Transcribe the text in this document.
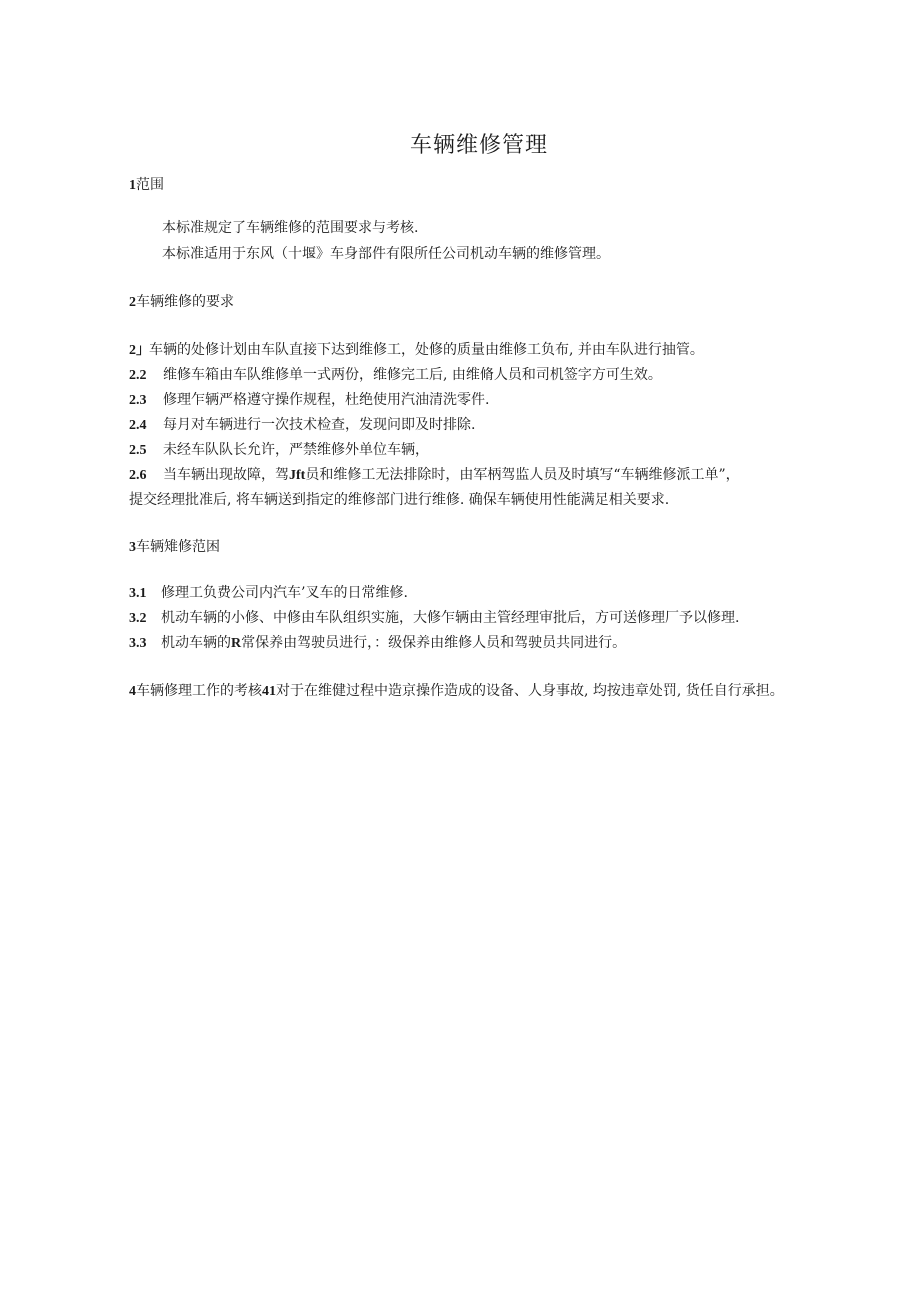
车辆维修管理
1范围
本标准规定了车辆维修的范围要求与考核.
本标准适用于东风（十堰》车身部件有限所任公司机动车辆的维修管理。
2车辆维修的要求
2」车辆的处修计划由车队直接下达到维修工，处修的质量由维修工负布, 并由车队进行抽管。
2.2 维修车箱由车队维修单一式两份，维修完工后, 由维脩人员和司机签字方可生效。
2.3 修理乍辆严格遵守操作规程，杜绝使用汽油清洗零件.
2.4 每月对车辆进行一次技术检查，发现问即及时排除.
2.5 未经车队队长允许，严禁维修外单位车辆，
2.6 当车辆出现故障，驾Jft员和维修工无法排除时，由军柄驾监人员及时填写“车辆维修派工单”，
提交经理批准后, 将车辆送到指定的维修部门进行维修. 确保车辆使用性能满足相关要求.
3车辆雉修范困
3.1 修理工负费公司内汽车’叉车的日常维修.
3.2 机动车辆的小修、中修由车队组织实施，大修乍辆由主管经理审批后，方可送修理厂予以修理.
3.3 机动车辆的R常保养由驾驶员进行，：级保养由维修人员和驾驶员共同进行。
4车辆修理工作的考核41对于在维健过程中造京操作造成的设备、人身事故, 均按违章处罚, 货任自行承担。
